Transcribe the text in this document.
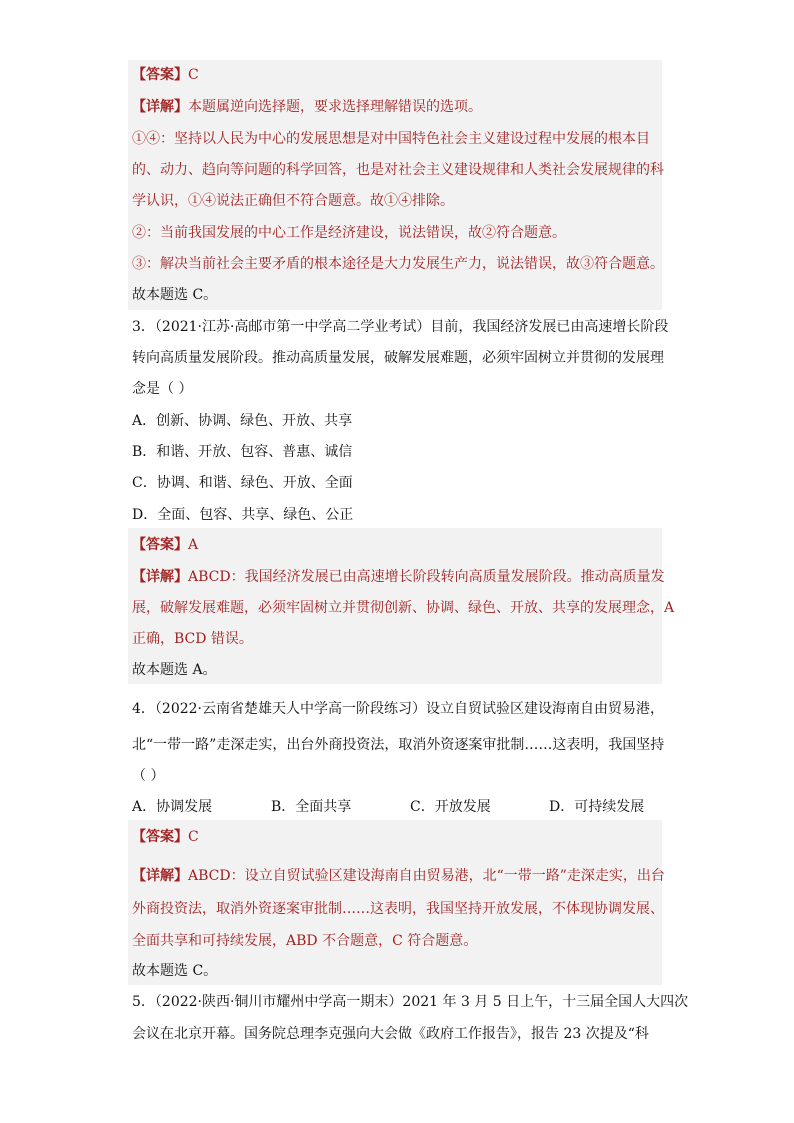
【答案】C
【详解】本题属逆向选择题，要求选择理解错误的选项。
①④：坚持以人民为中心的发展思想是对中国特色社会主义建设过程中发展的根本目
的、动力、趋向等问题的科学回答，也是对社会主义建设规律和人类社会发展规律的科
学认识，①④说法正确但不符合题意。故①④排除。
②：当前我国发展的中心工作是经济建设，说法错误，故②符合题意。
③：解决当前社会主要矛盾的根本途径是大力发展生产力，说法错误，故③符合题意。
故本题选 C。
3．（2021·江苏·高邮市第一中学高二学业考试）目前，我国经济发展已由高速增长阶段
转向高质量发展阶段。推动高质量发展，破解发展难题，必须牢固树立并贯彻的发展理
念是（ ）
A．创新、协调、绿色、开放、共享
B．和谐、开放、包容、普惠、诚信
C．协调、和谐、绿色、开放、全面
D．全面、包容、共享、绿色、公正
【答案】A
【详解】ABCD：我国经济发展已由高速增长阶段转向高质量发展阶段。推动高质量发
展，破解发展难题，必须牢固树立并贯彻创新、协调、绿色、开放、共享的发展理念，A
正确，BCD 错误。
故本题选 A。
4．（2022·云南省楚雄天人中学高一阶段练习）设立自贸试验区建设海南自由贸易港，
北“一带一路”走深走实，出台外商投资法，取消外资逐案审批制……这表明，我国坚持
（ ）
A．协调发展	B．全面共享	C．开放发展	D．可持续发展
【答案】C
【详解】ABCD：设立自贸试验区建设海南自由贸易港，北“一带一路”走深走实，出台
外商投资法，取消外资逐案审批制……这表明，我国坚持开放发展，不体现协调发展、
全面共享和可持续发展，ABD 不合题意，C 符合题意。
故本题选 C。
5．（2022·陕西·铜川市耀州中学高一期末）2021 年 3 月 5 日上午，十三届全国人大四次
会议在北京开幕。国务院总理李克强向大会做《政府工作报告》，报告 23 次提及“科
